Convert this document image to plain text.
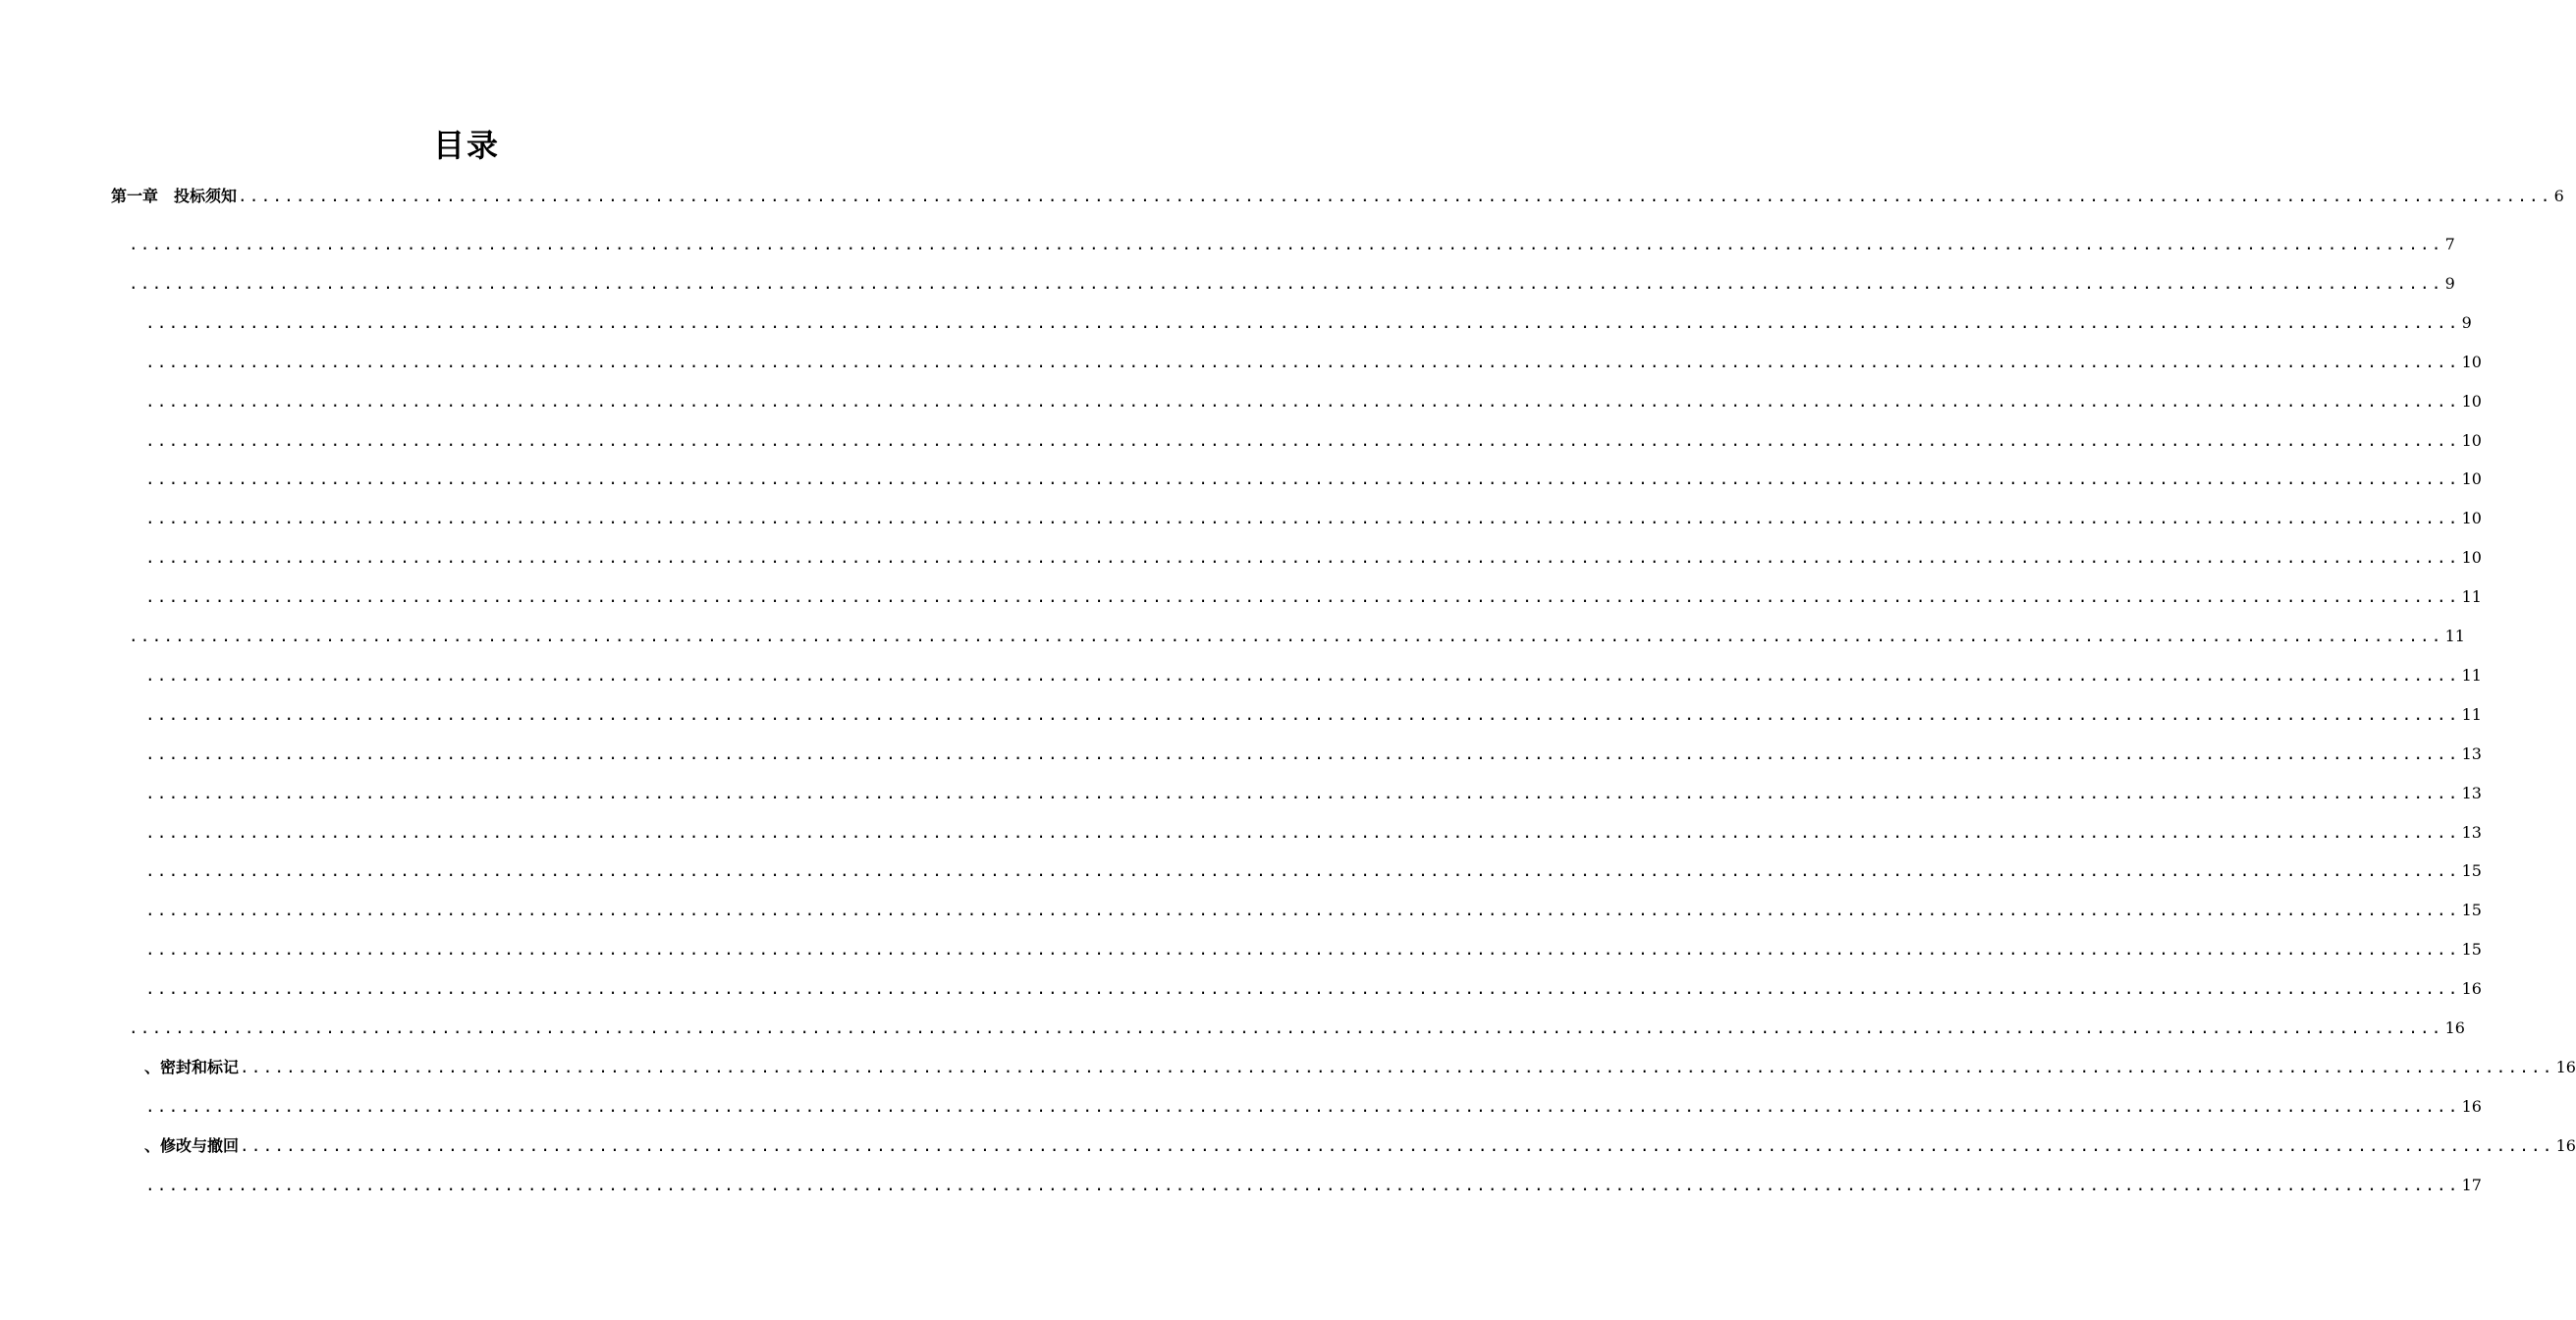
目录
第一章　投标须知 ........................................................................................................................................................................................................ 6
........................................................................................................................................................................................................ 7
........................................................................................................................................................................................................ 9
........................................................................................................................................................................................................ 9
........................................................................................................................................................................................................ 10
........................................................................................................................................................................................................ 10
........................................................................................................................................................................................................ 10
........................................................................................................................................................................................................ 10
........................................................................................................................................................................................................ 10
........................................................................................................................................................................................................ 10
........................................................................................................................................................................................................ 11
........................................................................................................................................................................................................ 11
........................................................................................................................................................................................................ 11
........................................................................................................................................................................................................ 11
........................................................................................................................................................................................................ 13
........................................................................................................................................................................................................ 13
........................................................................................................................................................................................................ 13
........................................................................................................................................................................................................ 15
........................................................................................................................................................................................................ 15
........................................................................................................................................................................................................ 15
........................................................................................................................................................................................................ 16
........................................................................................................................................................................................................ 16
、密封和标记 ........................................................................................................................................................................................................ 16
........................................................................................................................................................................................................ 16
、修改与撤回 ........................................................................................................................................................................................................ 16
........................................................................................................................................................................................................ 17
